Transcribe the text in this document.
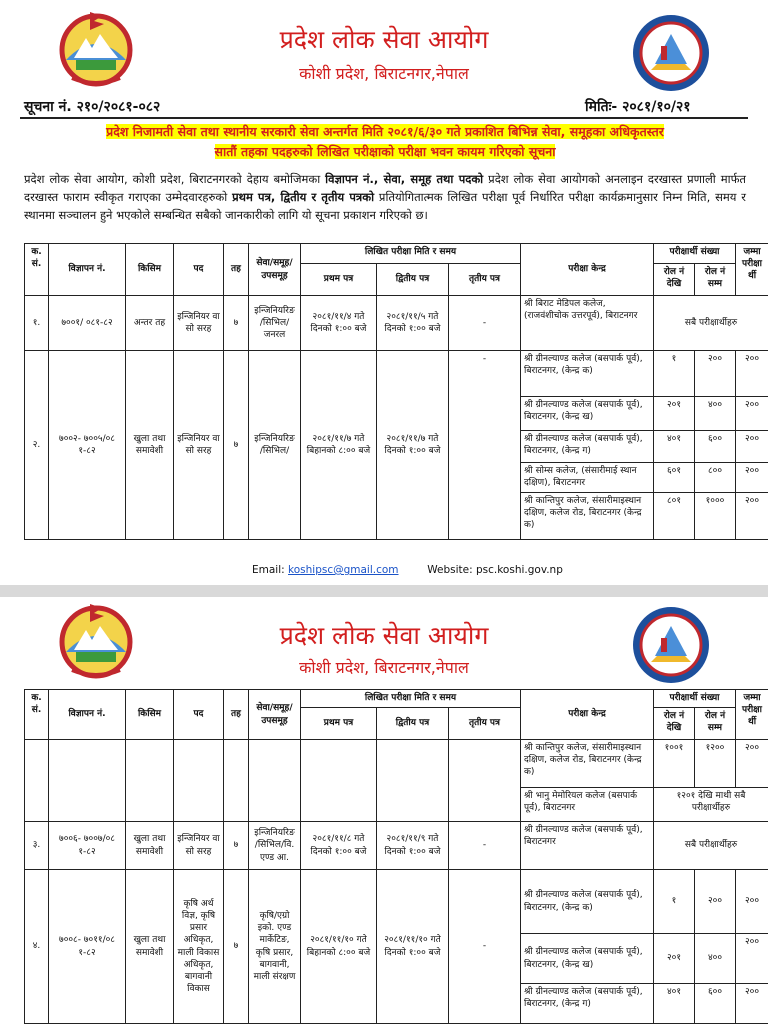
प्रदेश लोक सेवा आयोग
कोशी प्रदेश, बिराटनगर,नेपाल
सूचना नं. २१०/२०८१-०८२	मितिः- २०८१/१०/२१
प्रदेश निजामती सेवा तथा स्थानीय सरकारी सेवा अन्तर्गत मिति २०८१/६/३० गते प्रकाशित बिभिन्न सेवा, समूहका अधिकृतस्तर
सातौं तहका पदहरुको लिखित परीक्षाको परीक्षा भवन कायम गरिएको सूचना
प्रदेश लोक सेवा आयोग, कोशी प्रदेश, बिराटनगरको देहाय बमोजिमका विज्ञापन नं., सेवा, समूह तथा पदको प्रदेश लोक सेवा आयोगको अनलाइन दरखास्त प्रणाली मार्फत दरखास्त फाराम स्वीकृत गराएका उम्मेदवारहरुको प्रथम पत्र, द्वितीय र तृतीय पत्रको प्रतियोगितात्मक लिखित परीक्षा पूर्व निर्धारित परीक्षा कार्यक्रमानुसार निम्न मिति, समय र स्थानमा सञ्चालन हुने भएकोले सम्बन्धित सबैको जानकारीको लागि यो सूचना प्रकाशन गरिएको छ।
क. सं.	विज्ञापन नं.	किसिम	पद	तह	सेवा/समूह/ उपसमूह	लिखित परीक्षा मिति र समय			परीक्षा केन्द्र	परीक्षार्थी संख्या		जम्मा परीक्षा र्थी
						प्रथम पत्र	द्वितीय पत्र	तृतीय पत्र		रोल नं देखि	रोल नं सम्म	
१.	७००१/ ०८१-८२	अन्तर तह	इन्जिनियर वा सो सरह	७	इन्जिनियरिङ /सिभिल/ जनरल	२०८१/११/४ गते दिनको १:०० बजे	२०८१/११/५ गते दिनको १:०० बजे	-	श्री बिराट मेडिपल कलेज,(राजवंशीचोक उत्तरपूर्व), बिराटनगर	सबै परीक्षार्थीहरु		
२.	७००२- ७००५/०८ १-८२	खुला तथा समावेशी	इन्जिनियर वा सो सरह	७	इन्जिनियरिङ /सिभिल/	२०८१/११/७ गते बिहानको ८:०० बजे	२०८१/११/७ गते दिनको १:०० बजे	-	श्री ग्रीनल्याण्ड कलेज (बसपार्क पूर्व), बिराटनगर, (केन्द्र क)	१	२००	२००
									श्री ग्रीनल्याण्ड कलेज (बसपार्क पूर्व), बिराटनगर, (केन्द्र ख)	२०१	४००	२००
									श्री ग्रीनल्याण्ड कलेज (बसपार्क पूर्व), बिराटनगर, (केन्द्र ग)	४०१	६००	२००
									श्री सोम्स कलेज, (संसारीमाई स्थान दक्षिण), बिराटनगर	६०१	८००	२००
									श्री कान्तिपुर कलेज, संसारीमाइस्थान दक्षिण, कलेज रोड, बिराटनगर (केन्द्र क)	८०१	१०००	२००
Email: koshipsc@gmail.com	Website: psc.koshi.gov.np
प्रदेश लोक सेवा आयोग
कोशी प्रदेश, बिराटनगर,नेपाल
क. सं.	विज्ञापन नं.	किसिम	पद	तह	सेवा/समूह/ उपसमूह	लिखित परीक्षा मिति र समय			परीक्षा केन्द्र	परीक्षार्थी संख्या		जम्मा परीक्षा र्थी
						प्रथम पत्र	द्वितीय पत्र	तृतीय पत्र		रोल नं देखि	रोल नं सम्म	
									श्री कान्तिपुर कलेज, संसारीमाइस्थान दक्षिण, कलेज रोड, बिराटनगर (केन्द्र क)	१००१	१२००	२००
									श्री भानु मेमोरियल कलेज (बसपार्क पूर्व), बिराटनगर	१२०१ देखि माथी सबै परीक्षार्थीहरु		
३.	७००६- ७००७/०८ १-८२	खुला तथा समावेशी	इन्जिनियर वा सो सरह	७	इन्जिनियरिङ /सिभिल/वि. एण्ड आ.	२०८१/११/८ गते दिनको १:०० बजे	२०८१/११/९ गते दिनको १:०० बजे	-	श्री ग्रीनल्याण्ड कलेज (बसपार्क पूर्व), बिराटनगर	सबै परीक्षार्थीहरु		
४.	७००८- ७०११/०८ १-८२	खुला तथा समावेशी	कृषि अर्थ विज्ञ, कृषि प्रसार अधिकृत, माली विकास अधिकृत, बागवानी विकास	७	कृषि/एग्रो इको. एण्ड मार्केटिङ, कृषि प्रसार, बागवानी, माली संरक्षण	२०८१/११/१० गते बिहानको ८:०० बजे	२०८१/११/१० गते दिनको १:०० बजे	-	श्री ग्रीनल्याण्ड कलेज (बसपार्क पूर्व), बिराटनगर, (केन्द्र क)	१	२००	२००
									श्री ग्रीनल्याण्ड कलेज (बसपार्क पूर्व), बिराटनगर, (केन्द्र ख)	२०१	४००	२००
									श्री ग्रीनल्याण्ड कलेज (बसपार्क पूर्व), बिराटनगर, (केन्द्र ग)	४०१	६००	२००
